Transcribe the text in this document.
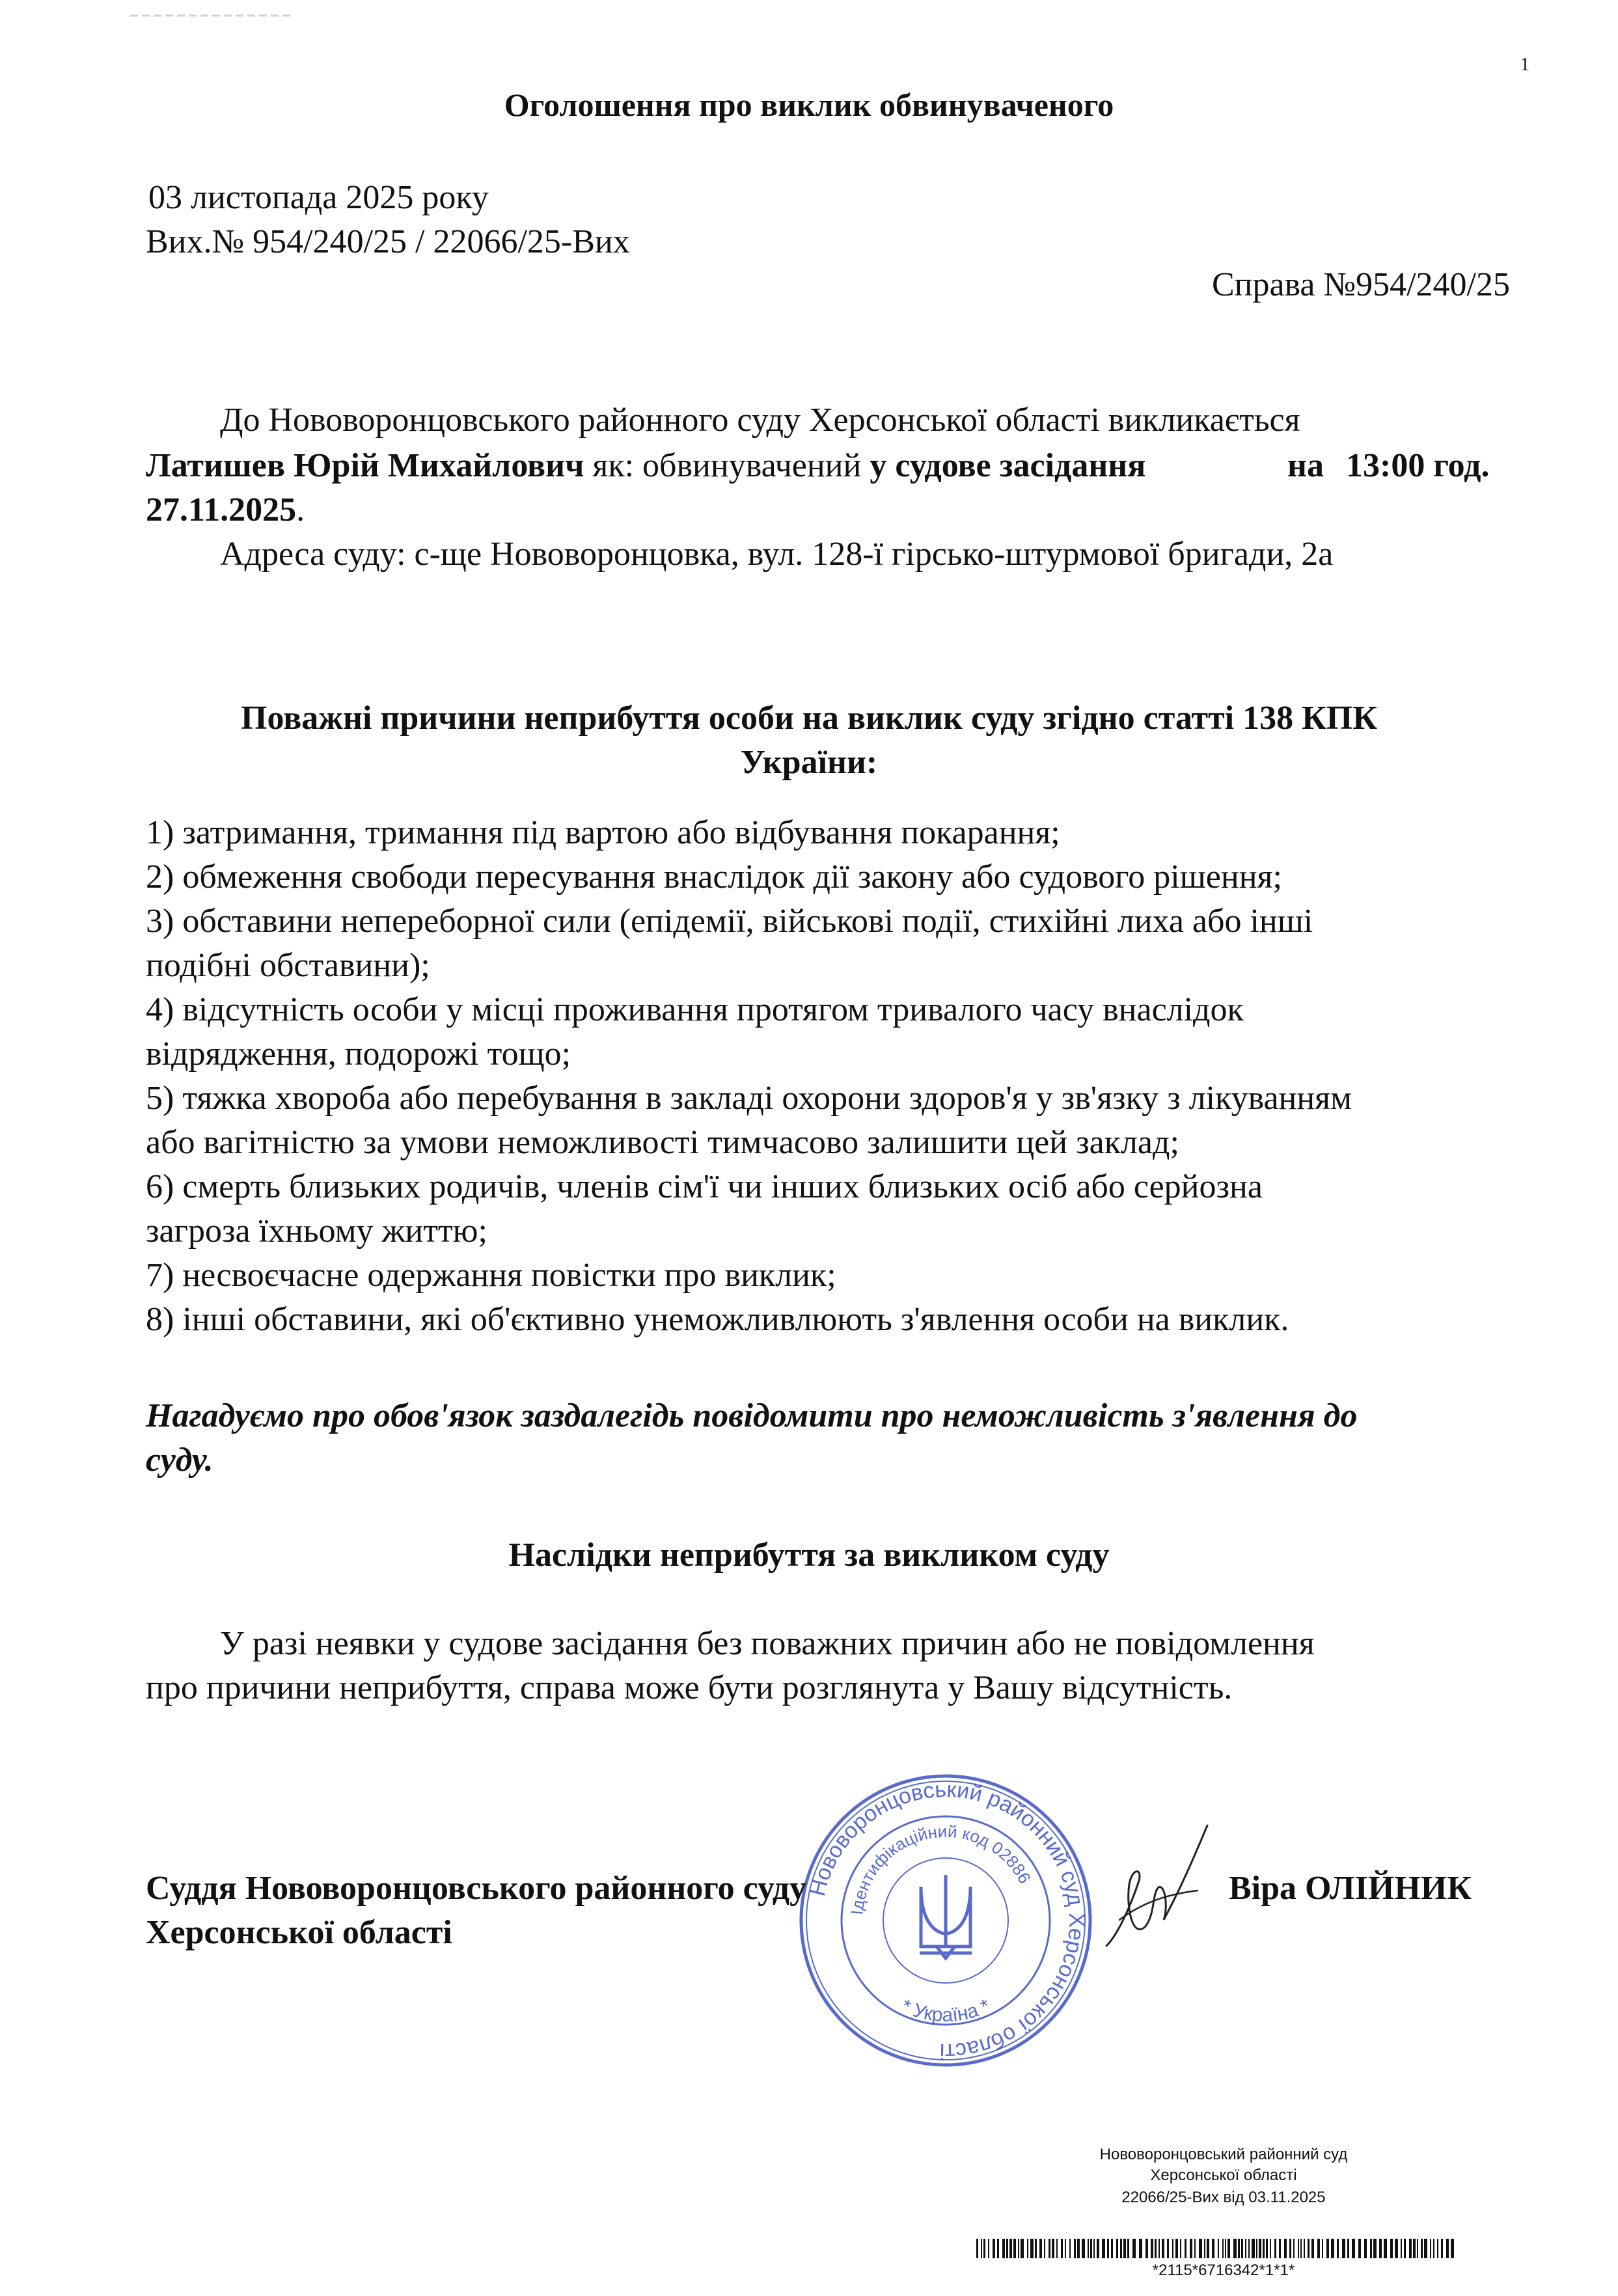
1
Оголошення про виклик обвинуваченого
03 листопада 2025 року
Вих.№ 954/240/25 / 22066/25-Вих
Справа №954/240/25
До Нововоронцовського районного суду Херсонської області викликається
Латишев Юрій Михайлович як: обвинувачений у судове засідання	на 13:00 год.
27.11.2025.
Адреса суду: с-ще Нововоронцовка, вул. 128-ї гірсько-штурмової бригади, 2а
Поважні причини неприбуття особи на виклик суду згідно статті 138 КПК
України:
1) затримання, тримання під вартою або відбування покарання;
2) обмеження свободи пересування внаслідок дії закону або судового рішення;
3) обставини непереборної сили (епідемії, військові події, стихійні лиха або інші
подібні обставини);
4) відсутність особи у місці проживання протягом тривалого часу внаслідок
відрядження, подорожі тощо;
5) тяжка хвороба або перебування в закладі охорони здоров'я у зв'язку з лікуванням
або вагітністю за умови неможливості тимчасово залишити цей заклад;
6) смерть близьких родичів, членів сім'ї чи інших близьких осіб або серйозна
загроза їхньому життю;
7) несвоєчасне одержання повістки про виклик;
8) інші обставини, які об'єктивно унеможливлюють з'явлення особи на виклик.
Нагадуємо про обов'язок заздалегідь повідомити про неможливість з'явлення до
суду.
Наслідки неприбуття за викликом суду
У разі неявки у судове засідання без поважних причин або не повідомлення
про причини неприбуття, справа може бути розглянута у Вашу відсутність.
Нововоронцовський районний суд Херсонської області
Ідентифікаційний код 02886
* Україна *
Суддя Нововоронцовського районного суду
Херсонської області
Віра ОЛІЙНИК
Нововоронцовський районний суд
Херсонської області
22066/25-Вих від 03.11.2025
*2115*6716342*1*1*
